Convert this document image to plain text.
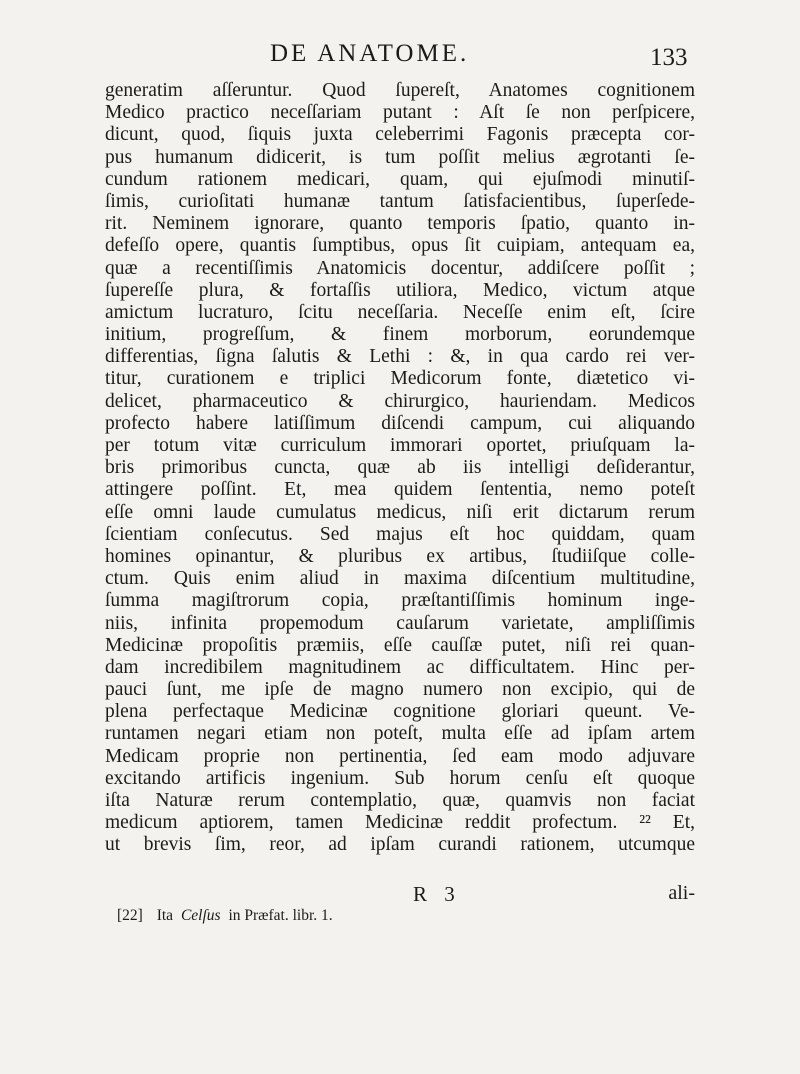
DE ANATOME.	133
generatim aſſeruntur. Quod ſupereſt, Anatomes cognitionem
Medico practico neceſſariam putant : Aſt ſe non perſpicere,
dicunt, quod, ſiquis juxta celeberrimi Fagonis præcepta cor-
pus humanum didicerit, is tum poſſit melius ægrotanti ſe-
cundum rationem medicari, quam, qui ejuſmodi minutiſ-
ſimis, curioſitati humanæ tantum ſatisfacientibus, ſuperſede-
rit. Neminem ignorare, quanto temporis ſpatio, quanto in-
defeſſo opere, quantis ſumptibus, opus ſit cuipiam, antequam ea,
quæ a recentiſſimis Anatomicis docentur, addiſcere poſſit ;
ſupereſſe plura, & fortaſſis utiliora, Medico, victum atque
amictum lucraturo, ſcitu neceſſaria. Neceſſe enim eſt, ſcire
initium, progreſſum, & finem morborum, eorundemque
differentias, ſigna ſalutis & Lethi : &, in qua cardo rei ver-
titur, curationem e triplici Medicorum fonte, diætetico vi-
delicet, pharmaceutico & chirurgico, hauriendam. Medicos
profecto habere latiſſimum diſcendi campum, cui aliquando
per totum vitæ curriculum immorari oportet, priuſquam la-
bris primoribus cuncta, quæ ab iis intelligi deſiderantur,
attingere poſſint. Et, mea quidem ſententia, nemo poteſt
eſſe omni laude cumulatus medicus, niſi erit dictarum rerum
ſcientiam conſecutus. Sed majus eſt hoc quiddam, quam
homines opinantur, & pluribus ex artibus, ſtudiiſque colle-
ctum. Quis enim aliud in maxima diſcentium multitudine,
ſumma magiſtrorum copia, præſtantiſſimis hominum inge-
niis, infinita propemodum cauſarum varietate, ampliſſimis
Medicinæ propoſitis præmiis, eſſe cauſſæ putet, niſi rei quan-
dam incredibilem magnitudinem ac difficultatem. Hinc per-
pauci ſunt, me ipſe de magno numero non excipio, qui de
plena perfectaque Medicinæ cognitione gloriari queunt. Ve-
runtamen negari etiam non poteſt, multa eſſe ad ipſam artem
Medicam proprie non pertinentia, ſed eam modo adjuvare
excitando artificis ingenium. Sub horum cenſu eſt quoque
iſta Naturæ rerum contemplatio, quæ, quamvis non faciat
medicum aptiorem, tamen Medicinæ reddit profectum. ²² Et,
ut brevis ſim, reor, ad ipſam curandi rationem, utcumque
R 3	ali-
[22] Ita Celſus in Præfat. libr. 1.
